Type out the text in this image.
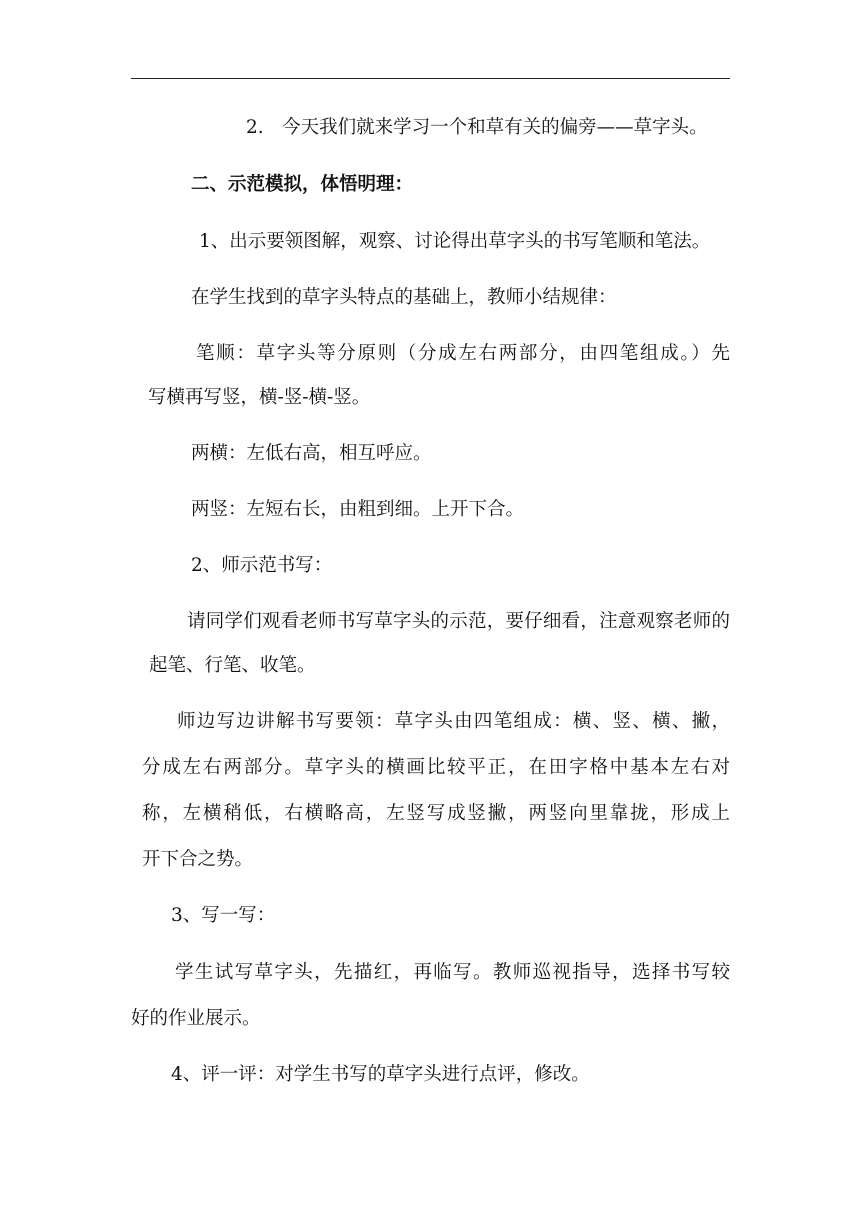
2.　今天我们就来学习一个和草有关的偏旁——草字头。
二、示范模拟，体悟明理：
1、出示要领图解，观察、讨论得出草字头的书写笔顺和笔法。
在学生找到的草字头特点的基础上，教师小结规律：
笔顺：草字头等分原则（分成左右两部分，由四笔组成。）先
写横再写竖，横-竖-横-竖。
两横：左低右高，相互呼应。
两竖：左短右长，由粗到细。上开下合。
2、师示范书写：
请同学们观看老师书写草字头的示范，要仔细看，注意观察老师的
起笔、行笔、收笔。
师边写边讲解书写要领：草字头由四笔组成：横、竖、横、撇，
分成左右两部分。草字头的横画比较平正，在田字格中基本左右对
称，左横稍低，右横略高，左竖写成竖撇，两竖向里靠拢，形成上
开下合之势。
3、写一写：
学生试写草字头，先描红，再临写。教师巡视指导，选择书写较
好的作业展示。
4、评一评：对学生书写的草字头进行点评，修改。
